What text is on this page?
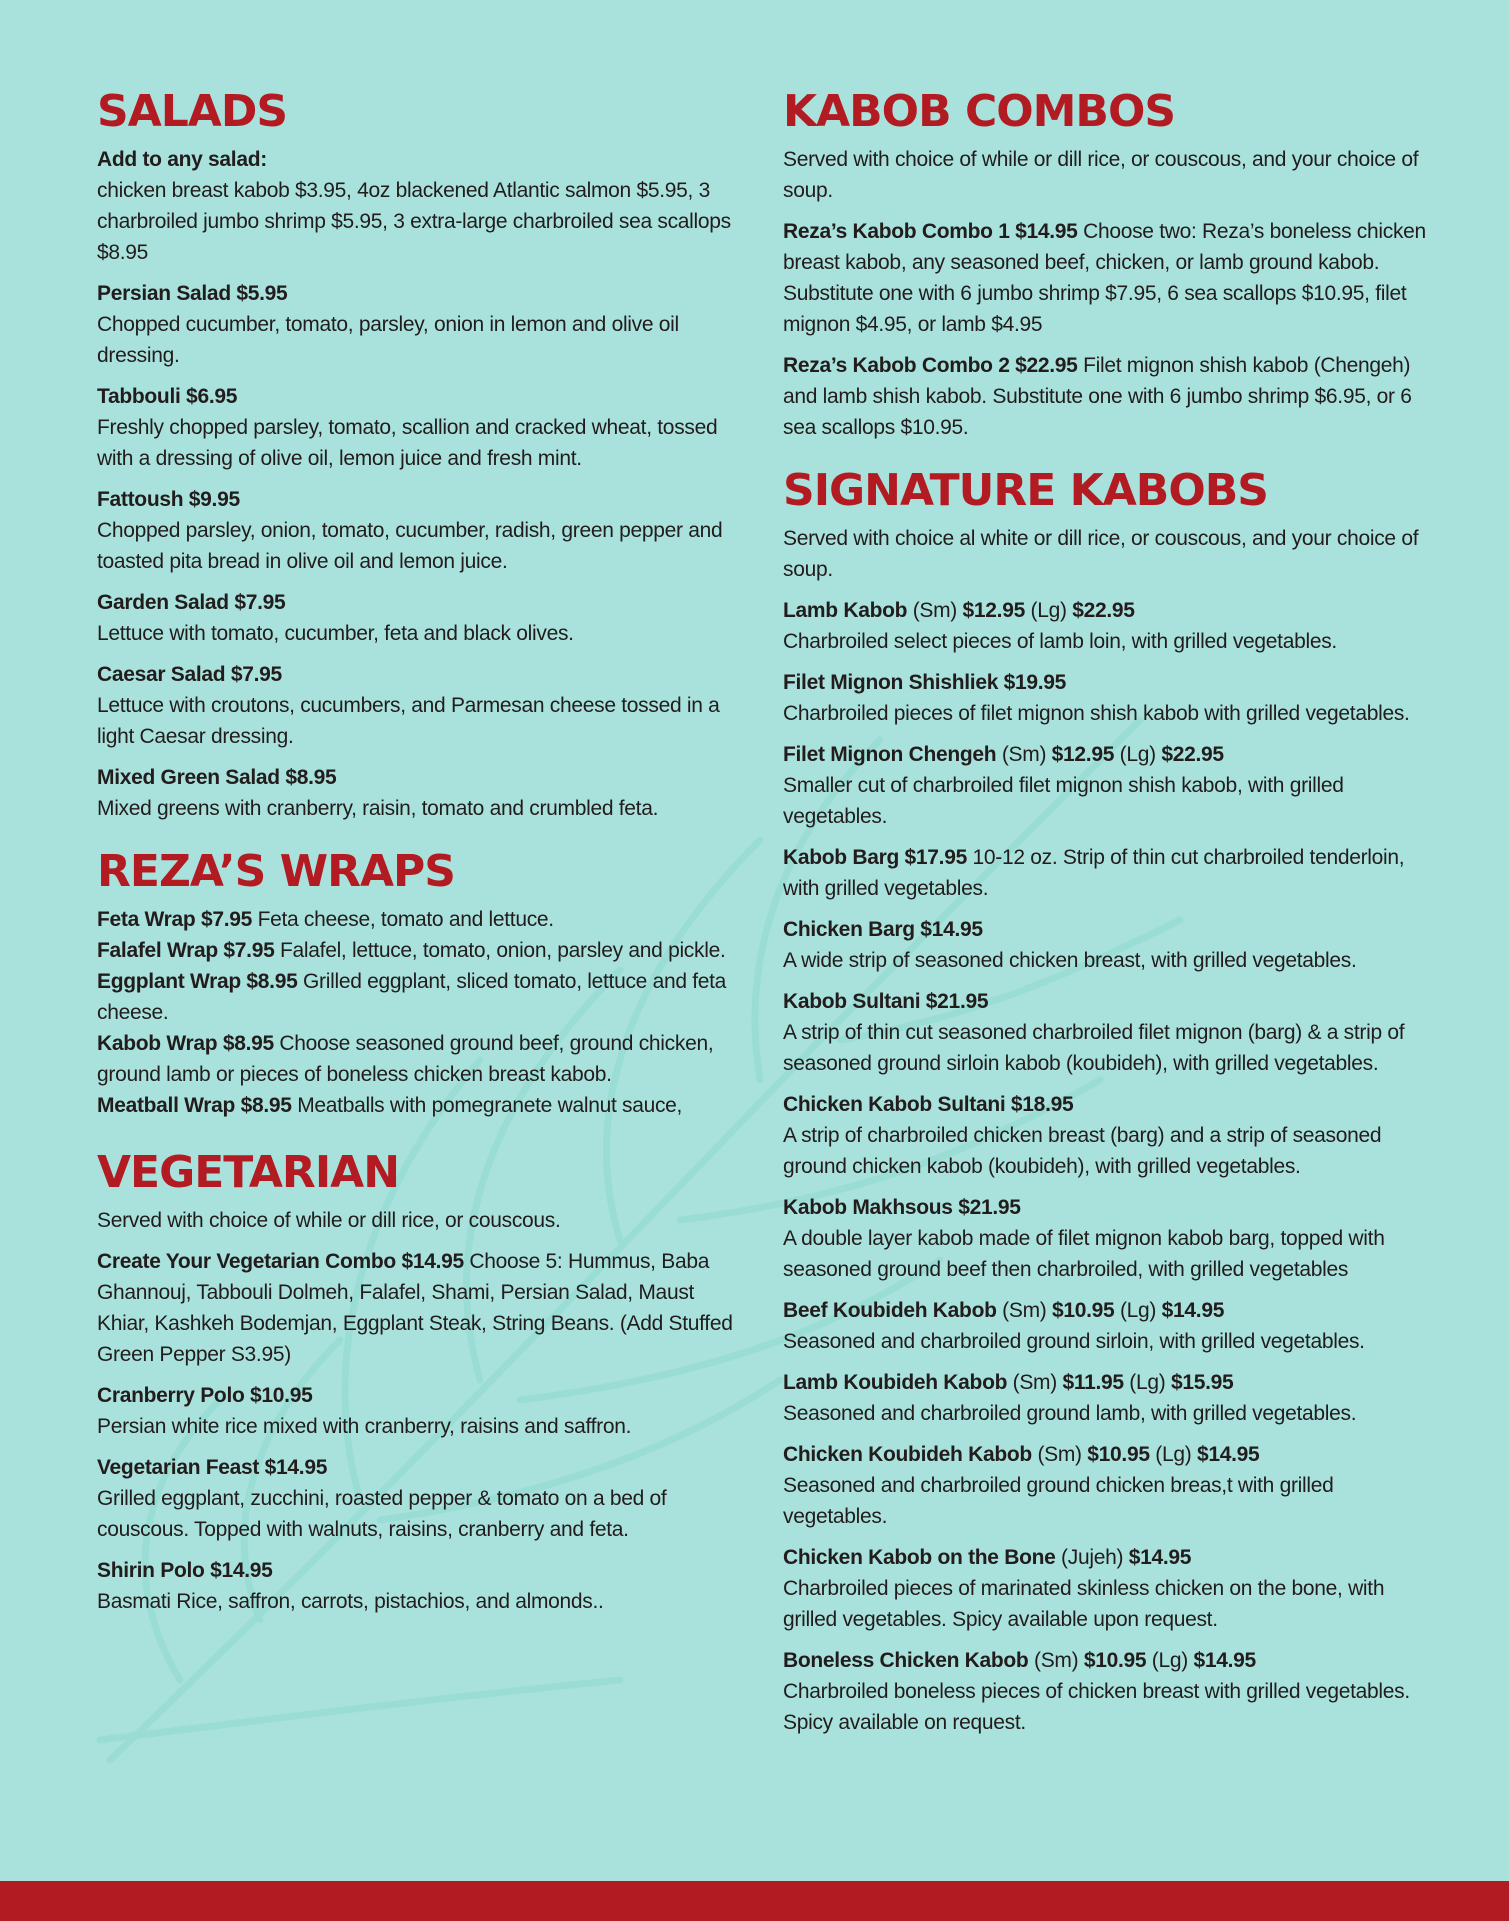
SALADS
Add to any salad:
chicken breast kabob $3.95, 4oz blackened Atlantic salmon $5.95, 3 charbroiled jumbo shrimp $5.95, 3 extra-large charbroiled sea scallops $8.95
Persian Salad $5.95
Chopped cucumber, tomato, parsley, onion in lemon and olive oil dressing.
Tabbouli $6.95
Freshly chopped parsley, tomato, scallion and cracked wheat, tossed with a dressing of olive oil, lemon juice and fresh mint.
Fattoush $9.95
Chopped parsley, onion, tomato, cucumber, radish, green pepper and toasted pita bread in olive oil and lemon juice.
Garden Salad $7.95
Lettuce with tomato, cucumber, feta and black olives.
Caesar Salad $7.95
Lettuce with croutons, cucumbers, and Parmesan cheese tossed in a light Caesar dressing.
Mixed Green Salad $8.95
Mixed greens with cranberry, raisin, tomato and crumbled feta.
REZA’S WRAPS
Feta Wrap $7.95 Feta cheese, tomato and lettuce.
Falafel Wrap $7.95 Falafel, lettuce, tomato, onion, parsley and pickle.
Eggplant Wrap $8.95 Grilled eggplant, sliced tomato, lettuce and feta cheese.
Kabob Wrap $8.95 Choose seasoned ground beef, ground chicken, ground lamb or pieces of boneless chicken breast kabob.
Meatball Wrap $8.95 Meatballs with pomegranete walnut sauce,
VEGETARIAN
Served with choice of while or dill rice, or couscous.
Create Your Vegetarian Combo $14.95 Choose 5: Hummus, Baba Ghannouj, Tabbouli Dolmeh, Falafel, Shami, Persian Salad, Maust Khiar, Kashkeh Bodemjan, Eggplant Steak, String Beans. (Add Stuffed Green Pepper S3.95)
Cranberry Polo $10.95
Persian white rice mixed with cranberry, raisins and saffron.
Vegetarian Feast $14.95
Grilled eggplant, zucchini, roasted pepper & tomato on a bed of couscous. Topped with walnuts, raisins, cranberry and feta.
Shirin Polo $14.95
Basmati Rice, saffron, carrots, pistachios, and almonds..
KABOB COMBOS
Served with choice of while or dill rice, or couscous, and your choice of soup.
Reza’s Kabob Combo 1 $14.95 Choose two: Reza’s boneless chicken breast kabob, any seasoned beef, chicken, or lamb ground kabob. Substitute one with 6 jumbo shrimp $7.95, 6 sea scallops $10.95, filet mignon $4.95, or lamb $4.95
Reza’s Kabob Combo 2 $22.95 Filet mignon shish kabob (Chengeh) and lamb shish kabob. Substitute one with 6 jumbo shrimp $6.95, or 6 sea scallops $10.95.
SIGNATURE KABOBS
Served with choice al white or dill rice, or couscous, and your choice of soup.
Lamb Kabob (Sm) $12.95 (Lg) $22.95
Charbroiled select pieces of lamb loin, with grilled vegetables.
Filet Mignon Shishliek $19.95
Charbroiled pieces of filet mignon shish kabob with grilled vegetables.
Filet Mignon Chengeh (Sm) $12.95 (Lg) $22.95
Smaller cut of charbroiled filet mignon shish kabob, with grilled vegetables.
Kabob Barg $17.95 10-12 oz. Strip of thin cut charbroiled tenderloin, with grilled vegetables.
Chicken Barg $14.95
A wide strip of seasoned chicken breast, with grilled vegetables.
Kabob Sultani $21.95
A strip of thin cut seasoned charbroiled filet mignon (barg) & a strip of seasoned ground sirloin kabob (koubideh), with grilled vegetables.
Chicken Kabob Sultani $18.95
A strip of charbroiled chicken breast (barg) and a strip of seasoned ground chicken kabob (koubideh), with grilled vegetables.
Kabob Makhsous $21.95
A double layer kabob made of filet mignon kabob barg, topped with seasoned ground beef then charbroiled, with grilled vegetables
Beef Koubideh Kabob (Sm) $10.95 (Lg) $14.95
Seasoned and charbroiled ground sirloin, with grilled vegetables.
Lamb Koubideh Kabob (Sm) $11.95 (Lg) $15.95
Seasoned and charbroiled ground lamb, with grilled vegetables.
Chicken Koubideh Kabob (Sm) $10.95 (Lg) $14.95
Seasoned and charbroiled ground chicken breas,t with grilled vegetables.
Chicken Kabob on the Bone (Jujeh) $14.95
Charbroiled pieces of marinated skinless chicken on the bone, with grilled vegetables. Spicy available upon request.
Boneless Chicken Kabob (Sm) $10.95 (Lg) $14.95
Charbroiled boneless pieces of chicken breast with grilled vegetables. Spicy available on request.
